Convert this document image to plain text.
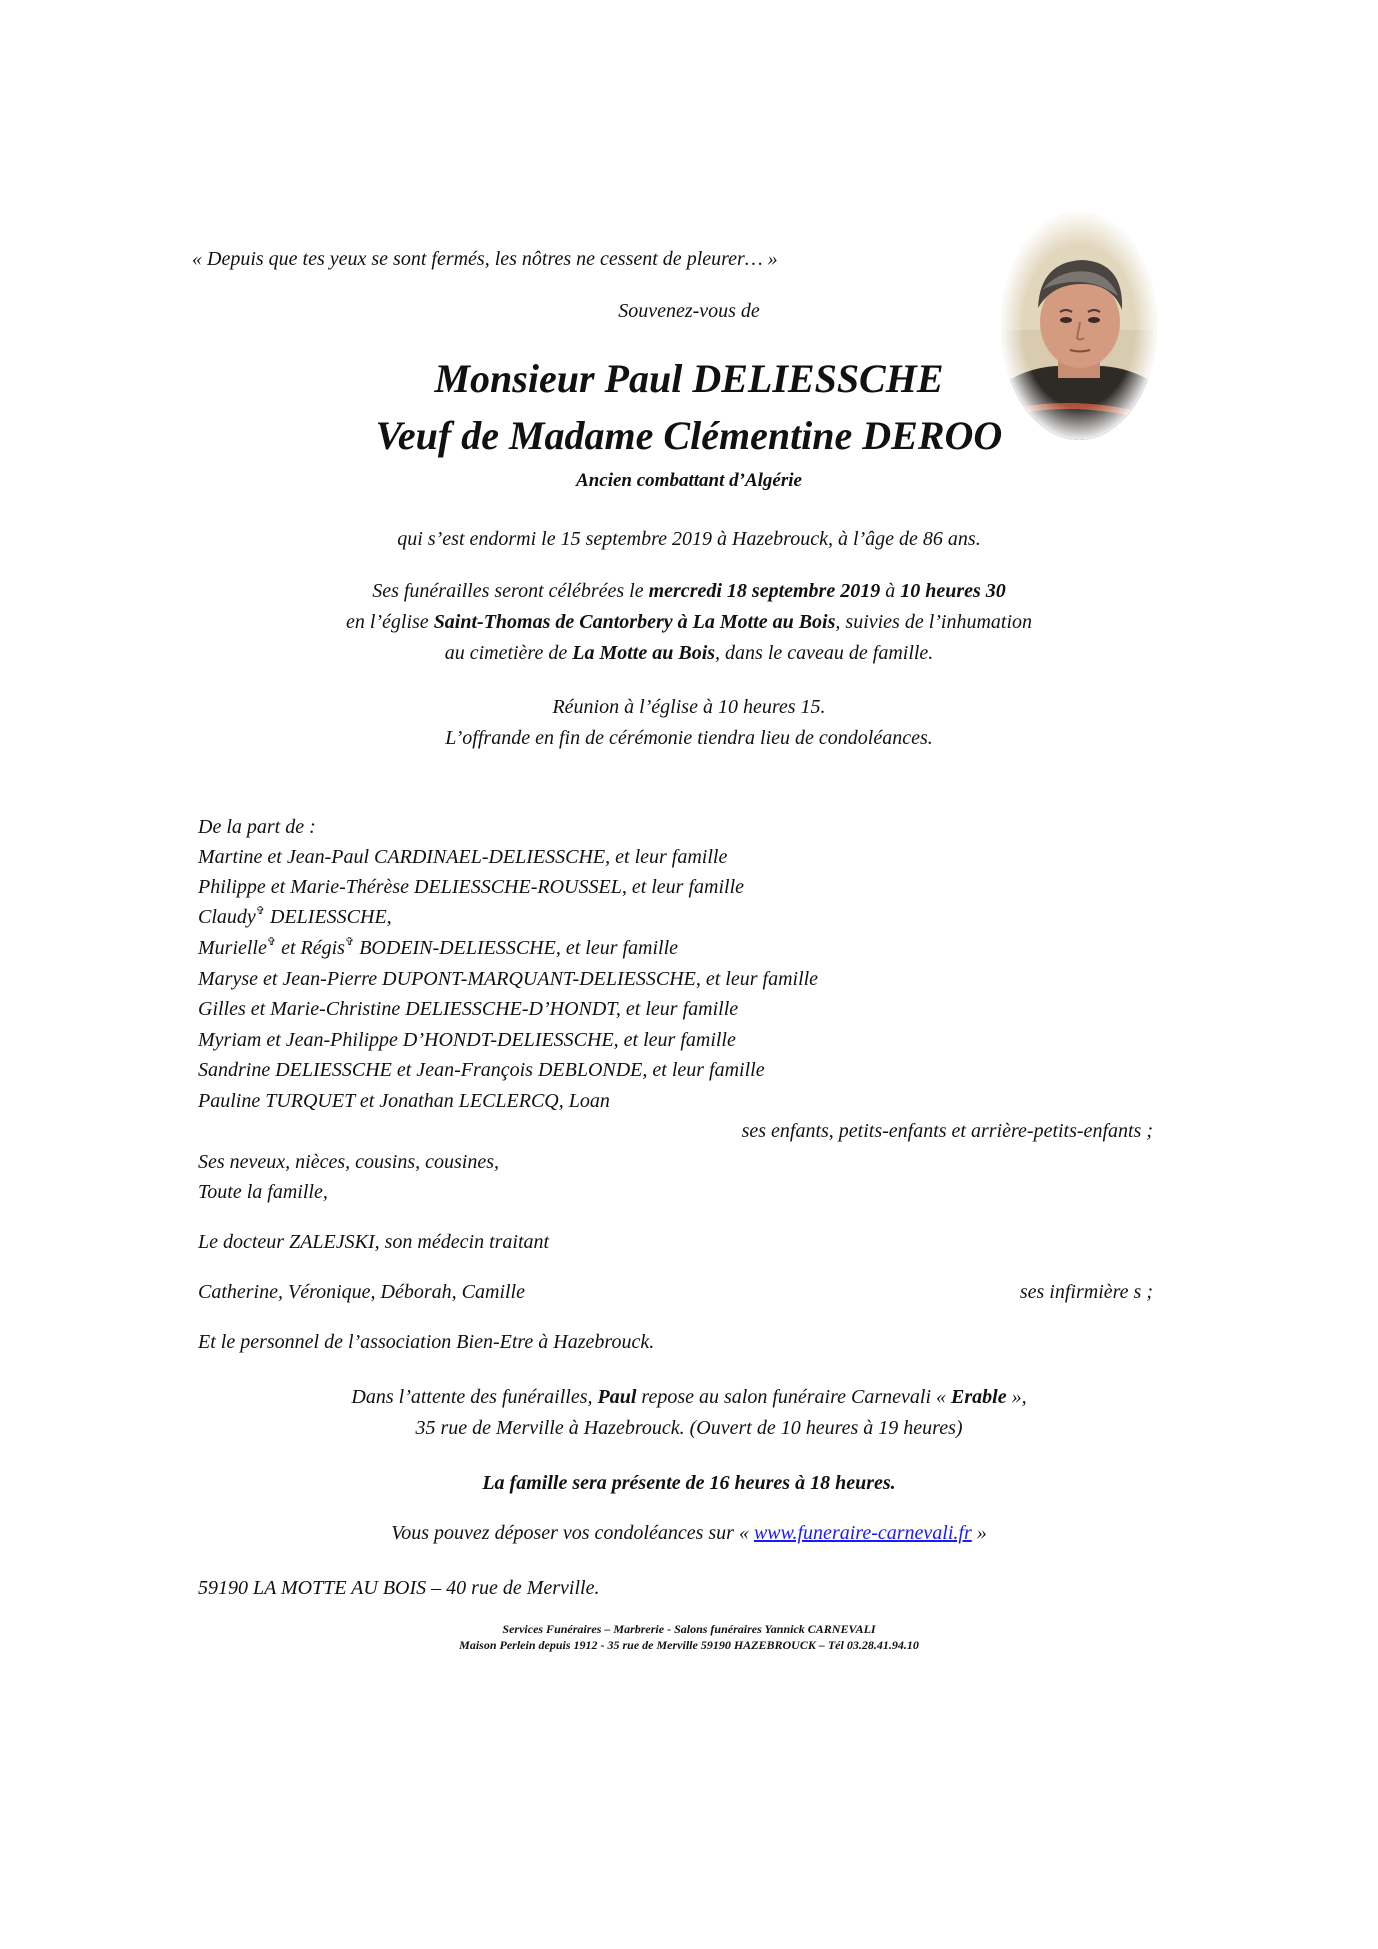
« Depuis que tes yeux se sont fermés, les nôtres ne cessent de pleurer… »
Souvenez-vous de
Monsieur Paul DELIESSCHE
Veuf de Madame Clémentine DEROO
Ancien combattant d’Algérie
qui s’est endormi le 15 septembre 2019 à Hazebrouck, à l’âge de 86 ans.
Ses funérailles seront célébrées le mercredi 18 septembre 2019 à 10 heures 30
en l’église Saint-Thomas de Cantorbery à La Motte au Bois, suivies de l’inhumation
au cimetière de La Motte au Bois, dans le caveau de famille.
Réunion à l’église à 10 heures 15.
L’offrande en fin de cérémonie tiendra lieu de condoléances.
De la part de :
Martine et Jean-Paul CARDINAEL-DELIESSCHE, et leur famille
Philippe et Marie-Thérèse DELIESSCHE-ROUSSEL, et leur famille
Claudy✞ DELIESSCHE,
Murielle✞ et Régis✞ BODEIN-DELIESSCHE, et leur famille
Maryse et Jean-Pierre DUPONT-MARQUANT-DELIESSCHE, et leur famille
Gilles et Marie-Christine DELIESSCHE-D’HONDT, et leur famille
Myriam et Jean-Philippe D’HONDT-DELIESSCHE, et leur famille
Sandrine DELIESSCHE et Jean-François DEBLONDE, et leur famille
Pauline TURQUET et Jonathan LECLERCQ, Loan
ses enfants, petits-enfants et arrière-petits-enfants ;
Ses neveux, nièces, cousins, cousines,
Toute la famille,
Le docteur ZALEJSKI, son médecin traitant
Catherine, Véronique, Déborah, Camille	ses infirmière s ;
Et le personnel de l’association Bien-Etre à Hazebrouck.
Dans l’attente des funérailles, Paul repose au salon funéraire Carnevali « Erable »,
35 rue de Merville à Hazebrouck. (Ouvert de 10 heures à 19 heures)
La famille sera présente de 16 heures à 18 heures.
Vous pouvez déposer vos condoléances sur « www.funeraire-carnevali.fr »
59190 LA MOTTE AU BOIS – 40 rue de Merville.
Services Funéraires – Marbrerie - Salons funéraires Yannick CARNEVALI
Maison Perlein depuis 1912 - 35 rue de Merville 59190 HAZEBROUCK – Tél 03.28.41.94.10
